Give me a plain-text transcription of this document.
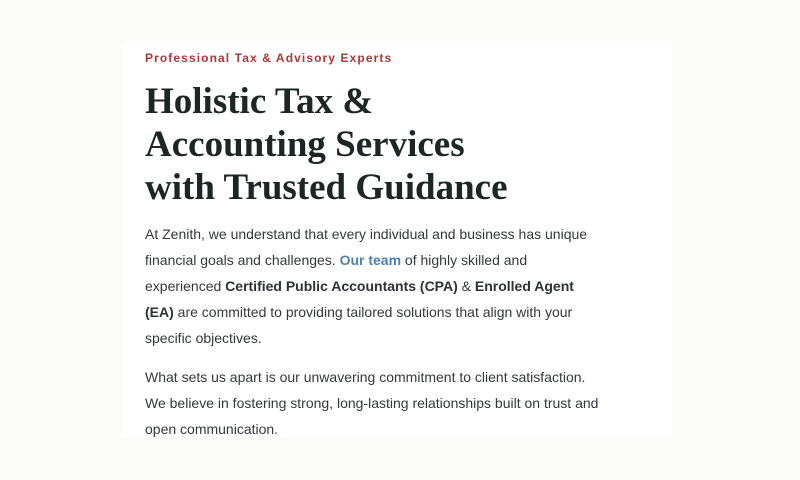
Professional Tax & Advisory Experts
Holistic Tax &
Accounting Services
with Trusted Guidance

At Zenith, we understand that every individual and business has unique
financial goals and challenges. Our team of highly skilled and
experienced Certified Public Accountants (CPA) & Enrolled Agent
(EA) are committed to providing tailored solutions that align with your
specific objectives.

What sets us apart is our unwavering commitment to client satisfaction.
We believe in fostering strong, long-lasting relationships built on trust and
open communication.
